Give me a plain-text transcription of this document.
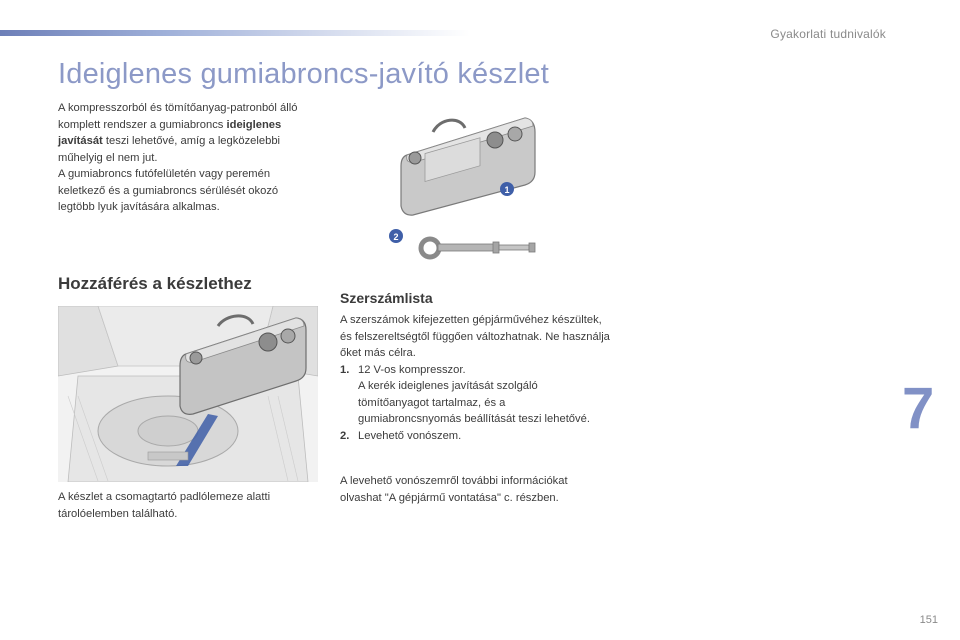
Gyakorlati tudnivalók
Ideiglenes gumiabroncs-javító készlet
A kompresszorból és tömítőanyag-patronból álló komplett rendszer a gumiabroncs ideiglenes javítását teszi lehetővé, amíg a legközelebbi műhelyig el nem jut.
A gumiabroncs futófelületén vagy peremén keletkező és a gumiabroncs sérülését okozó legtöbb lyuk javítására alkalmas.
1
2
Hozzáférés a készlethez
Szerszámlista
A készlet a csomagtartó padlólemeze alatti tárolóelemben található.
A szerszámok kifejezetten gépjárművéhez készültek, és felszereltségtől függően változhatnak. Ne használja őket más célra.
1. 12 V-os kompresszor.
A kerék ideiglenes javítását szolgáló tömítőanyagot tartalmaz, és a gumiabroncsnyomás beállítását teszi lehetővé.
2. Levehető vonószem.
A levehető vonószemről további információkat olvashat "A gépjármű vontatása" c. részben.
7
151
